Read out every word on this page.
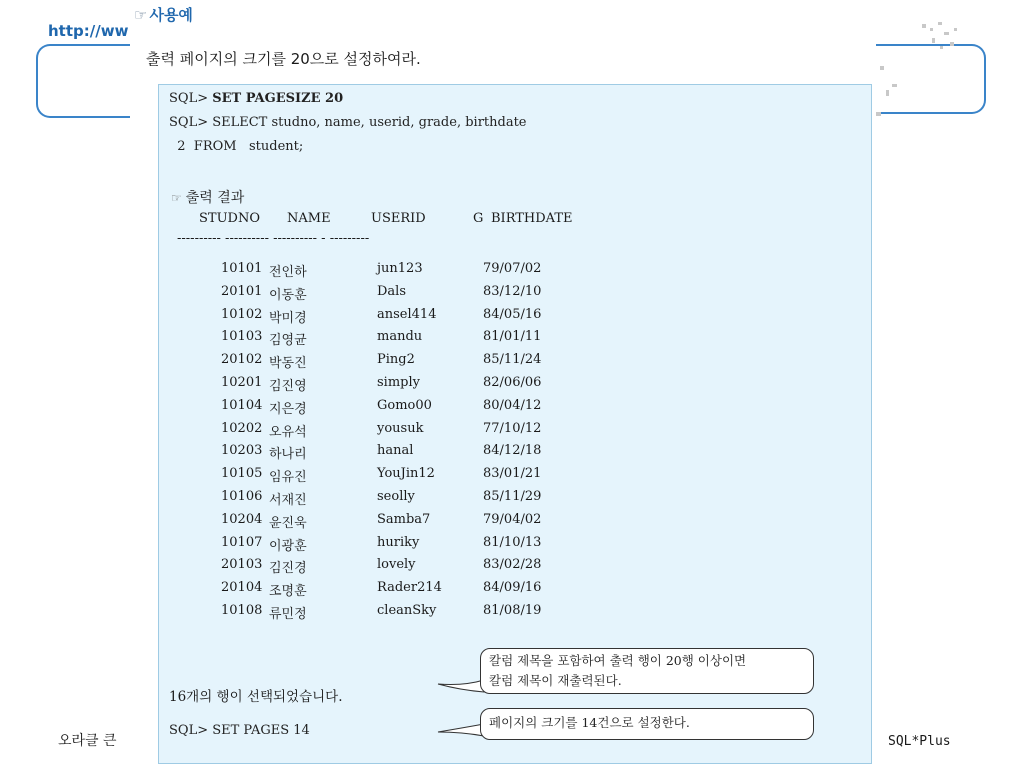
http://ww
오라클 큰	SQL*Plus
☞ 사용예
출력 페이지의 크기를 20으로 설정하여라.
SQL> SET PAGESIZE 20
SQL> SELECT studno, name, userid, grade, birthdate
2  FROM   student;
☞ 출력 결과
STUDNO NAME	USERID	G BIRTHDATE
---------- ---------- ---------- - ---------
10101 전인하	jun123	79/07/02
20101 이동훈	Dals	83/12/10
10102 박미경	ansel414	84/05/16
10103 김영균	mandu	81/01/11
20102 박동진	Ping2	85/11/24
10201 김진영	simply	82/06/06
10104 지은경	Gomo00	80/04/12
10202 오유석	yousuk	77/10/12
10203 하나리	hanal	84/12/18
10105 임유진	YouJin12	83/01/21
10106 서재진	seolly	85/11/29
10204 윤진욱	Samba7	79/04/02
10107 이광훈	huriky	81/10/13
20103 김진경	lovely	83/02/28
20104 조명훈	Rader214	84/09/16
10108 류민정	cleanSky	81/08/19
16개의 행이 선택되었습니다.
SQL> SET PAGES 14
칼럼 제목을 포함하여 출력 행이 20행 이상이면
칼럼 제목이 재출력된다.
페이지의 크기를 14건으로 설정한다.
